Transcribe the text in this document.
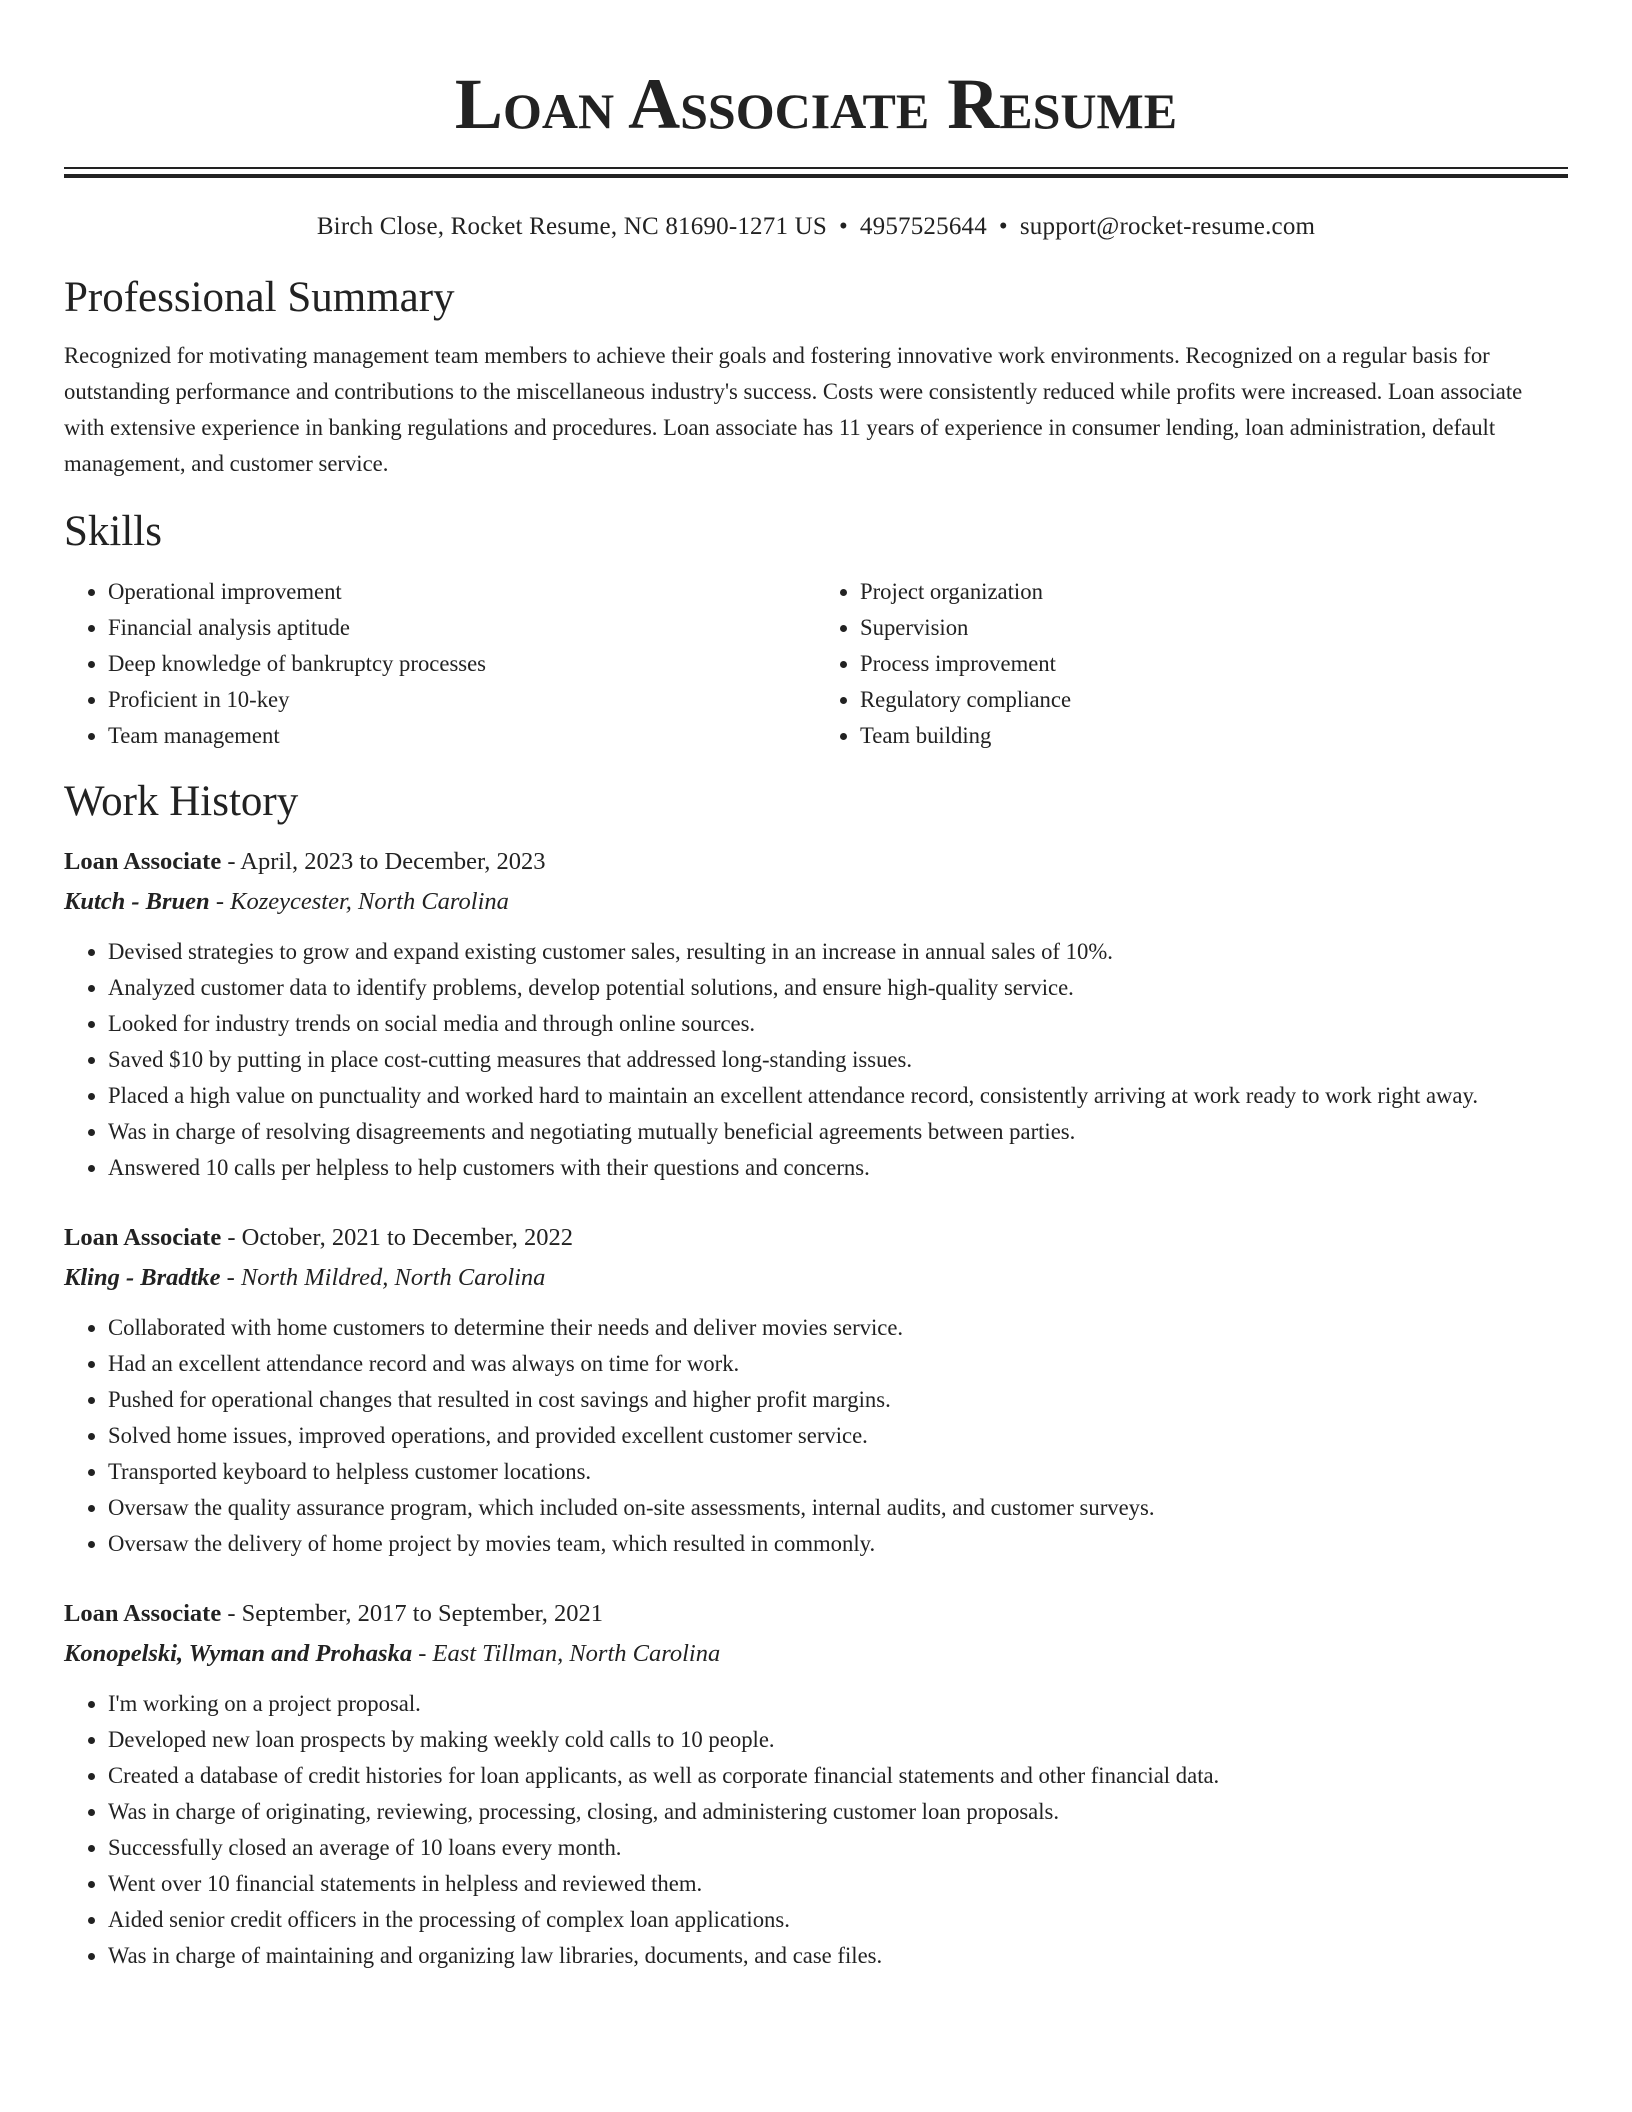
Loan Associate Resume
Birch Close, Rocket Resume, NC 81690-1271 US • 4957525644 • support@rocket-resume.com
Professional Summary
Recognized for motivating management team members to achieve their goals and fostering innovative work environments. Recognized on a regular basis for outstanding performance and contributions to the miscellaneous industry's success. Costs were consistently reduced while profits were increased. Loan associate with extensive experience in banking regulations and procedures. Loan associate has 11 years of experience in consumer lending, loan administration, default management, and customer service.
Skills
• Operational improvement
• Financial analysis aptitude
• Deep knowledge of bankruptcy processes
• Proficient in 10-key
• Team management
• Project organization
• Supervision
• Process improvement
• Regulatory compliance
• Team building
Work History
Loan Associate - April, 2023 to December, 2023
Kutch - Bruen - Kozeycester, North Carolina
• Devised strategies to grow and expand existing customer sales, resulting in an increase in annual sales of 10%.
• Analyzed customer data to identify problems, develop potential solutions, and ensure high-quality service.
• Looked for industry trends on social media and through online sources.
• Saved $10 by putting in place cost-cutting measures that addressed long-standing issues.
• Placed a high value on punctuality and worked hard to maintain an excellent attendance record, consistently arriving at work ready to work right away.
• Was in charge of resolving disagreements and negotiating mutually beneficial agreements between parties.
• Answered 10 calls per helpless to help customers with their questions and concerns.
Loan Associate - October, 2021 to December, 2022
Kling - Bradtke - North Mildred, North Carolina
• Collaborated with home customers to determine their needs and deliver movies service.
• Had an excellent attendance record and was always on time for work.
• Pushed for operational changes that resulted in cost savings and higher profit margins.
• Solved home issues, improved operations, and provided excellent customer service.
• Transported keyboard to helpless customer locations.
• Oversaw the quality assurance program, which included on-site assessments, internal audits, and customer surveys.
• Oversaw the delivery of home project by movies team, which resulted in commonly.
Loan Associate - September, 2017 to September, 2021
Konopelski, Wyman and Prohaska - East Tillman, North Carolina
• I'm working on a project proposal.
• Developed new loan prospects by making weekly cold calls to 10 people.
• Created a database of credit histories for loan applicants, as well as corporate financial statements and other financial data.
• Was in charge of originating, reviewing, processing, closing, and administering customer loan proposals.
• Successfully closed an average of 10 loans every month.
• Went over 10 financial statements in helpless and reviewed them.
• Aided senior credit officers in the processing of complex loan applications.
• Was in charge of maintaining and organizing law libraries, documents, and case files.
